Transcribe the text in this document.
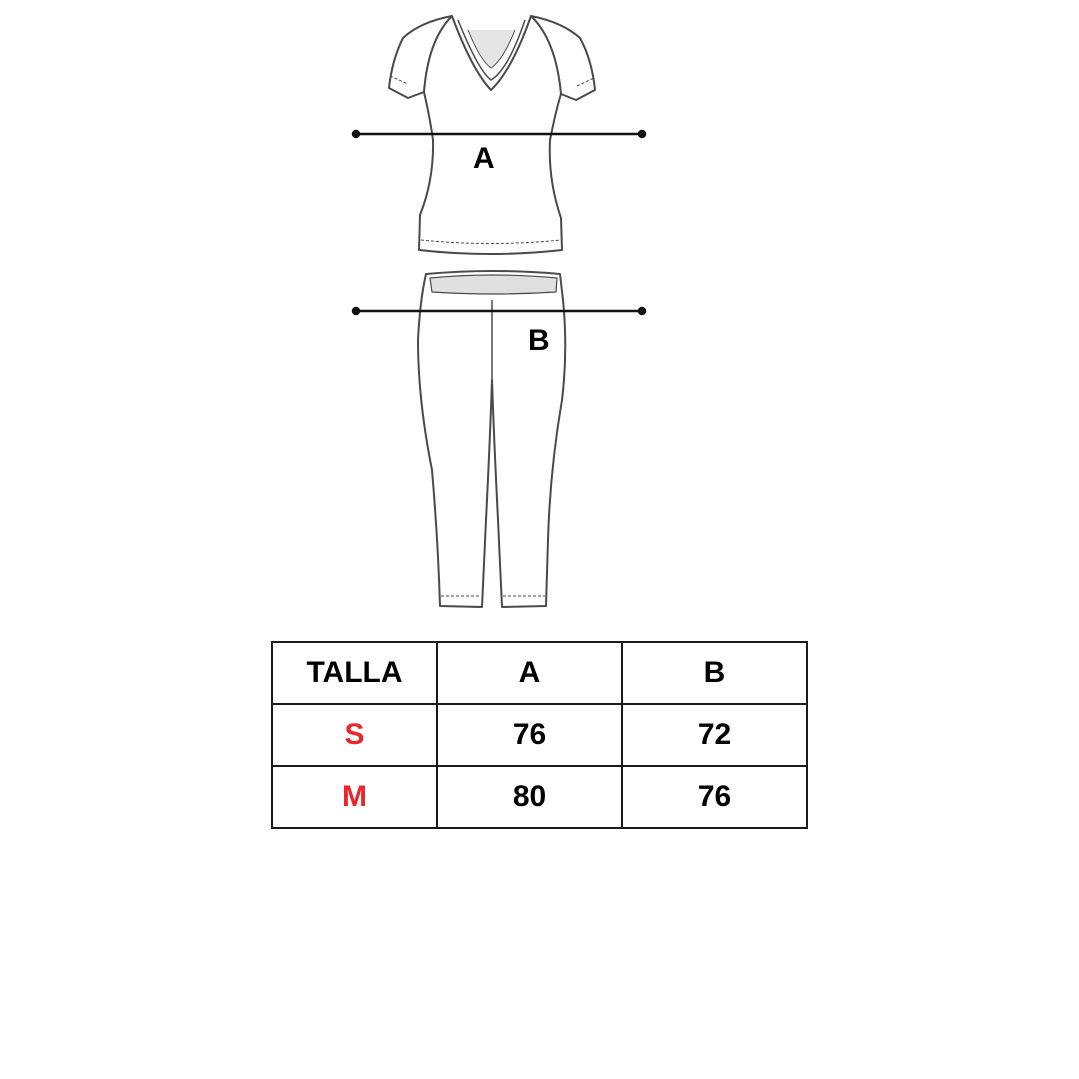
A
B
TALLA	A	B
S	76	72
M	80	76
